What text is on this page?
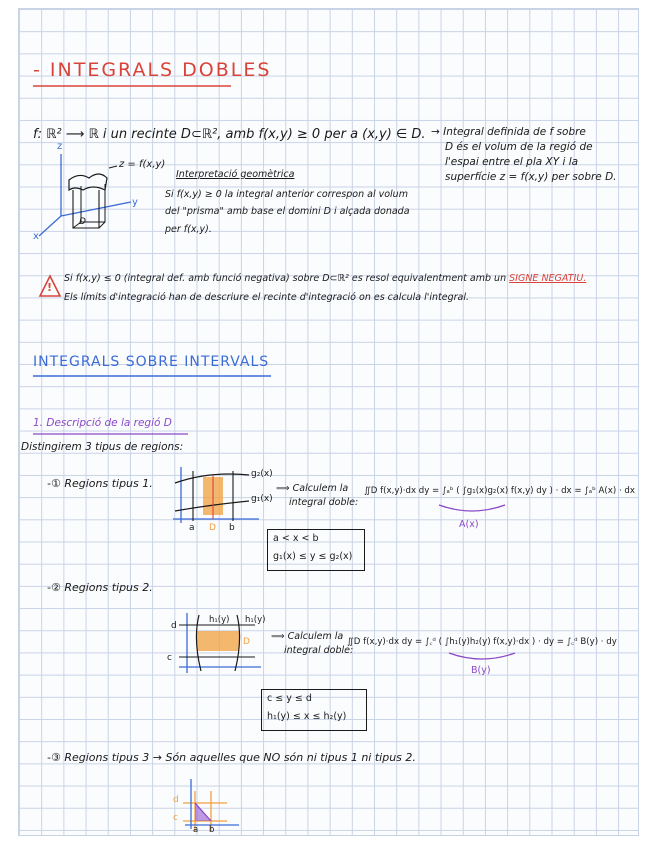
- INTEGRALS DOBLES
f: ℝ² ⟶ ℝ i un recinte D⊂ℝ², amb f(x,y) ≥ 0 per a (x,y) ∈ D. → Integral definida de f sobre
D és el volum de la regió de
l'espai entre el pla XY i la
superfície z = f(x,y) per sobre D.
z
y
x
D
z = f(x,y)
Interpretació geomètrica
Si f(x,y) ≥ 0 la integral anterior correspon al volum
del "prisma" amb base el domini D i alçada donada
per f(x,y).
!
Si f(x,y) ≤ 0 (integral def. amb funció negativa) sobre D⊂ℝ² es resol equivalentment amb un SIGNE NEGATIU.
Els límits d'integració han de descriure el recinte d'integració on es calcula l'integral.
INTEGRALS SOBRE INTERVALS
1. Descripció de la regió D
Distingirem 3 tipus de regions:
-① Regions tipus 1.
g₂(x)
g₁(x)
a D b
⟹ Calculem la
integral doble:
∬D f(x,y)·dx dy = ∫ₐᵇ ( ∫g₁(x)g₂(x) f(x,y) dy ) · dx = ∫ₐᵇ A(x) · dx
A(x)
a < x < b
g₁(x) ≤ y ≤ g₂(x)
-② Regions tipus 2.
h₁(y) h₁(y)
d
c
D ⟹ Calculem la
integral doble:
∬D f(x,y)·dx dy = ∫꜀ᵈ ( ∫h₁(y)h₂(y) f(x,y)·dx ) · dy = ∫꜀ᵈ B(y) · dy
B(y)
c ≤ y ≤ d
h₁(y) ≤ x ≤ h₂(y)
-③ Regions tipus 3 → Són aquelles que NO són ni tipus 1 ni tipus 2.
d
c
a b
